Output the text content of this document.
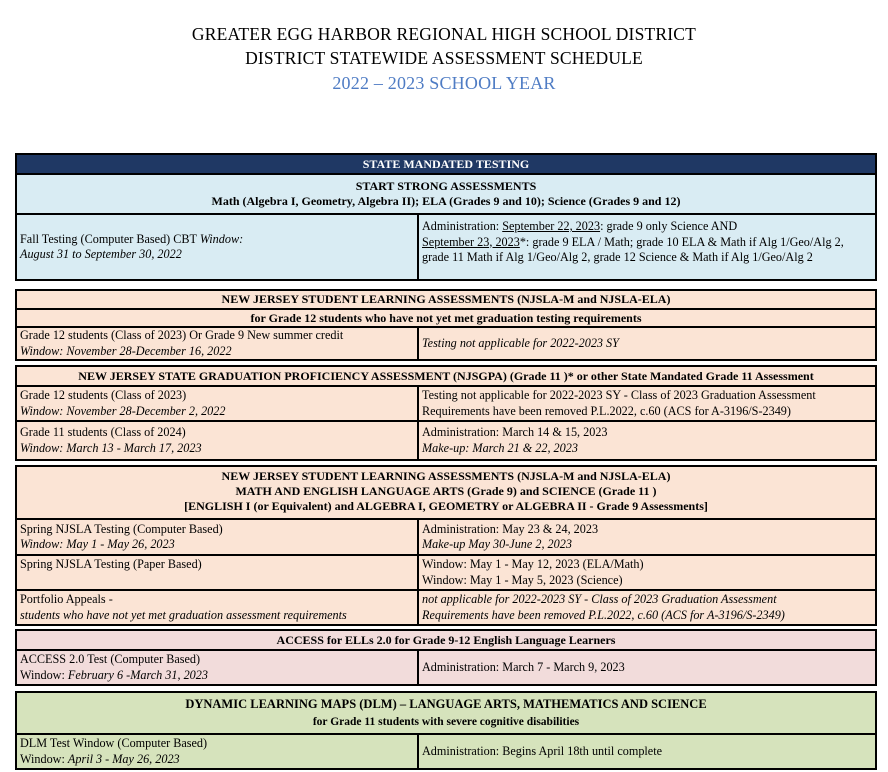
GREATER EGG HARBOR REGIONAL HIGH SCHOOL DISTRICT
DISTRICT STATEWIDE ASSESSMENT SCHEDULE
2022 – 2023 SCHOOL YEAR
STATE MANDATED TESTING
START STRONG ASSESSMENTS
Math (Algebra I, Geometry, Algebra II); ELA (Grades 9 and 10); Science (Grades 9 and 12)
Fall Testing (Computer Based) CBT Window:
August 31 to September 30, 2022
Administration: September 22, 2023: grade 9 only Science AND
September 23, 2023*: grade 9 ELA / Math; grade 10 ELA & Math if Alg 1/Geo/Alg 2, grade 11 Math if Alg 1/Geo/Alg 2, grade 12 Science & Math if Alg 1/Geo/Alg 2
NEW JERSEY STUDENT LEARNING ASSESSMENTS (NJSLA-M and NJSLA-ELA)
for Grade 12 students who have not yet met graduation testing requirements
Grade 12 students (Class of 2023) Or Grade 9 New summer credit
Window: November 28-December 16, 2022
Testing not applicable for 2022-2023 SY
NEW JERSEY STATE GRADUATION PROFICIENCY ASSESSMENT (NJSGPA) (Grade 11 )* or other State Mandated Grade 11 Assessment
Grade 12 students (Class of 2023)
Window: November 28-December 2, 2022
Testing not applicable for 2022-2023 SY - Class of 2023 Graduation Assessment
Requirements have been removed P.L.2022, c.60 (ACS for A-3196/S-2349)
Grade 11 students (Class of 2024)
Window: March 13 - March 17, 2023
Administration: March 14 & 15, 2023
Make-up: March 21 & 22, 2023
NEW JERSEY STUDENT LEARNING ASSESSMENTS (NJSLA-M and NJSLA-ELA)
MATH AND ENGLISH LANGUAGE ARTS (Grade 9) and SCIENCE (Grade 11 )
[ENGLISH I (or Equivalent) and ALGEBRA I, GEOMETRY or ALGEBRA II - Grade 9 Assessments]
Spring NJSLA Testing (Computer Based)
Window: May 1 - May 26, 2023
Administration: May 23 & 24, 2023
Make-up May 30-June 2, 2023
Spring NJSLA Testing (Paper Based)	Window: May 1 - May 12, 2023 (ELA/Math)
Window: May 1 - May 5, 2023 (Science)
Portfolio Appeals -
students who have not yet met graduation assessment requirements
not applicable for 2022-2023 SY - Class of 2023 Graduation Assessment
Requirements have been removed P.L.2022, c.60 (ACS for A-3196/S-2349)
ACCESS for ELLs 2.0 for Grade 9-12 English Language Learners
ACCESS 2.0 Test (Computer Based)
Window: February 6 -March 31, 2023
Administration: March 7 - March 9, 2023
DYNAMIC LEARNING MAPS (DLM) – LANGUAGE ARTS, MATHEMATICS AND SCIENCE
for Grade 11 students with severe cognitive disabilities
DLM Test Window (Computer Based)
Window: April 3 - May 26, 2023
Administration: Begins April 18th until complete
